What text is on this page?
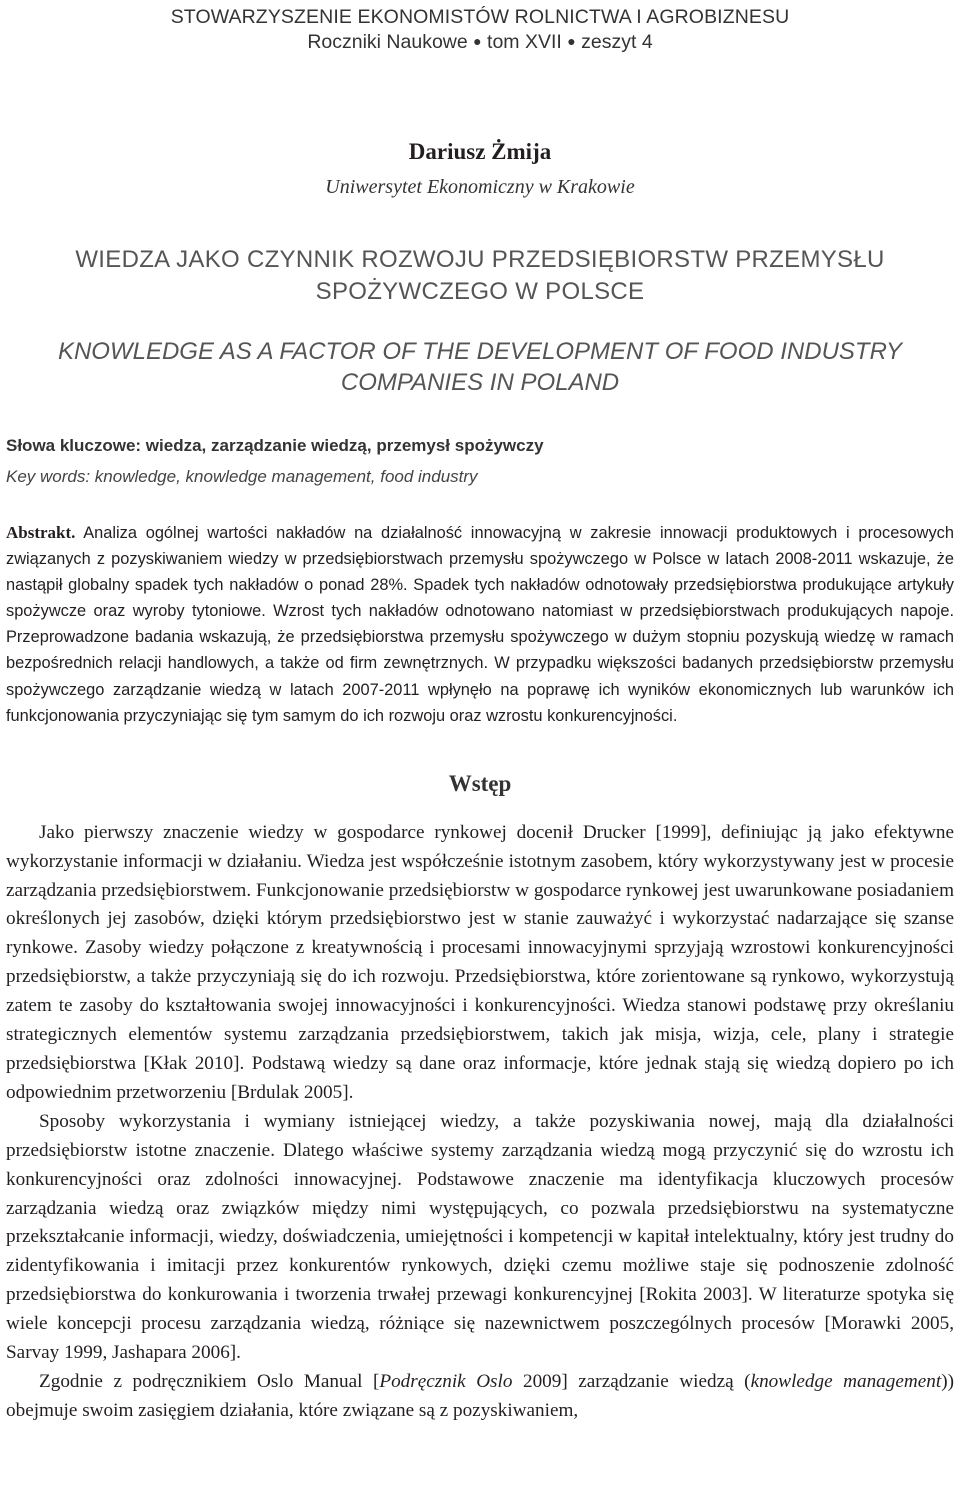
STOWARZYSZENIE EKONOMISTÓW ROLNICTWA I AGROBIZNESU
Roczniki Naukowe ● tom XVII ● zeszyt 4
Dariusz Żmija
Uniwersytet Ekonomiczny w Krakowie
WIEDZA JAKO CZYNNIK ROZWOJU PRZEDSIĘBIORSTW PRZEMYSŁU SPOŻYWCZEGO W POLSCE
KNOWLEDGE AS A FACTOR OF THE DEVELOPMENT OF FOOD INDUSTRY COMPANIES IN POLAND
Słowa kluczowe: wiedza, zarządzanie wiedzą, przemysł spożywczy
Key words: knowledge, knowledge management, food industry
Abstrakt. Analiza ogólnej wartości nakładów na działalność innowacyjną w zakresie innowacji produktowych i procesowych związanych z pozyskiwaniem wiedzy w przedsiębiorstwach przemysłu spożywczego w Polsce w latach 2008-2011 wskazuje, że nastąpił globalny spadek tych nakładów o ponad 28%. Spadek tych nakładów odnotowały przedsiębiorstwa produkujące artykuły spożywcze oraz wyroby tytoniowe. Wzrost tych nakładów odnotowano natomiast w przedsiębiorstwach produkujących napoje. Przeprowadzone badania wskazują, że przedsiębiorstwa przemysłu spożywczego w dużym stopniu pozyskują wiedzę w ramach bezpośrednich relacji handlowych, a także od firm zewnętrznych. W przypadku większości badanych przedsiębiorstw przemysłu spożywczego zarządzanie wiedzą w latach 2007-2011 wpłynęło na poprawę ich wyników ekonomicznych lub warunków ich funkcjonowania przyczyniając się tym samym do ich rozwoju oraz wzrostu konkurencyjności.
Wstęp

Jako pierwszy znaczenie wiedzy w gospodarce rynkowej docenił Drucker [1999], definiując ją jako efektywne wykorzystanie informacji w działaniu. Wiedza jest współcześnie istotnym zasobem, który wykorzystywany jest w procesie zarządzania przedsiębiorstwem. Funkcjonowanie przedsiębiorstw w gospodarce rynkowej jest uwarunkowane posiadaniem określonych jej zasobów, dzięki którym przedsiębiorstwo jest w stanie zauważyć i wykorzystać nadarzające się szanse rynkowe. Zasoby wiedzy połączone z kreatywnością i procesami innowacyjnymi sprzyjają wzrostowi konkurencyjności przedsiębiorstw, a także przyczyniają się do ich rozwoju. Przedsiębiorstwa, które zorientowane są rynkowo, wykorzystują zatem te zasoby do kształtowania swojej innowacyjności i konkurencyjności. Wiedza stanowi podstawę przy określaniu strategicznych elementów systemu zarządzania przedsiębiorstwem, takich jak misja, wizja, cele, plany i strategie przedsiębiorstwa [Kłak 2010]. Podstawą wiedzy są dane oraz informacje, które jednak stają się wiedzą dopiero po ich odpowiednim przetworzeniu [Brdulak 2005].

Sposoby wykorzystania i wymiany istniejącej wiedzy, a także pozyskiwania nowej, mają dla działalności przedsiębiorstw istotne znaczenie. Dlatego właściwe systemy zarządzania wiedzą mogą przyczynić się do wzrostu ich konkurencyjności oraz zdolności innowacyjnej. Podstawowe znaczenie ma identyfikacja kluczowych procesów zarządzania wiedzą oraz związków między nimi występujących, co pozwala przedsiębiorstwu na systematyczne przekształcanie informacji, wiedzy, doświadczenia, umiejętności i kompetencji w kapitał intelektualny, który jest trudny do zidentyfikowania i imitacji przez konkurentów rynkowych, dzięki czemu możliwe staje się podnoszenie zdolność przedsiębiorstwa do konkurowania i tworzenia trwałej przewagi konkurencyjnej [Rokita 2003]. W literaturze spotyka się wiele koncepcji procesu zarządzania wiedzą, różniące się nazewnictwem poszczególnych procesów [Morawki 2005, Sarvay 1999, Jashapara 2006].

Zgodnie z podręcznikiem Oslo Manual [Podręcznik Oslo 2009] zarządzanie wiedzą (knowledge management)) obejmuje swoim zasięgiem działania, które związane są z pozyskiwaniem,
